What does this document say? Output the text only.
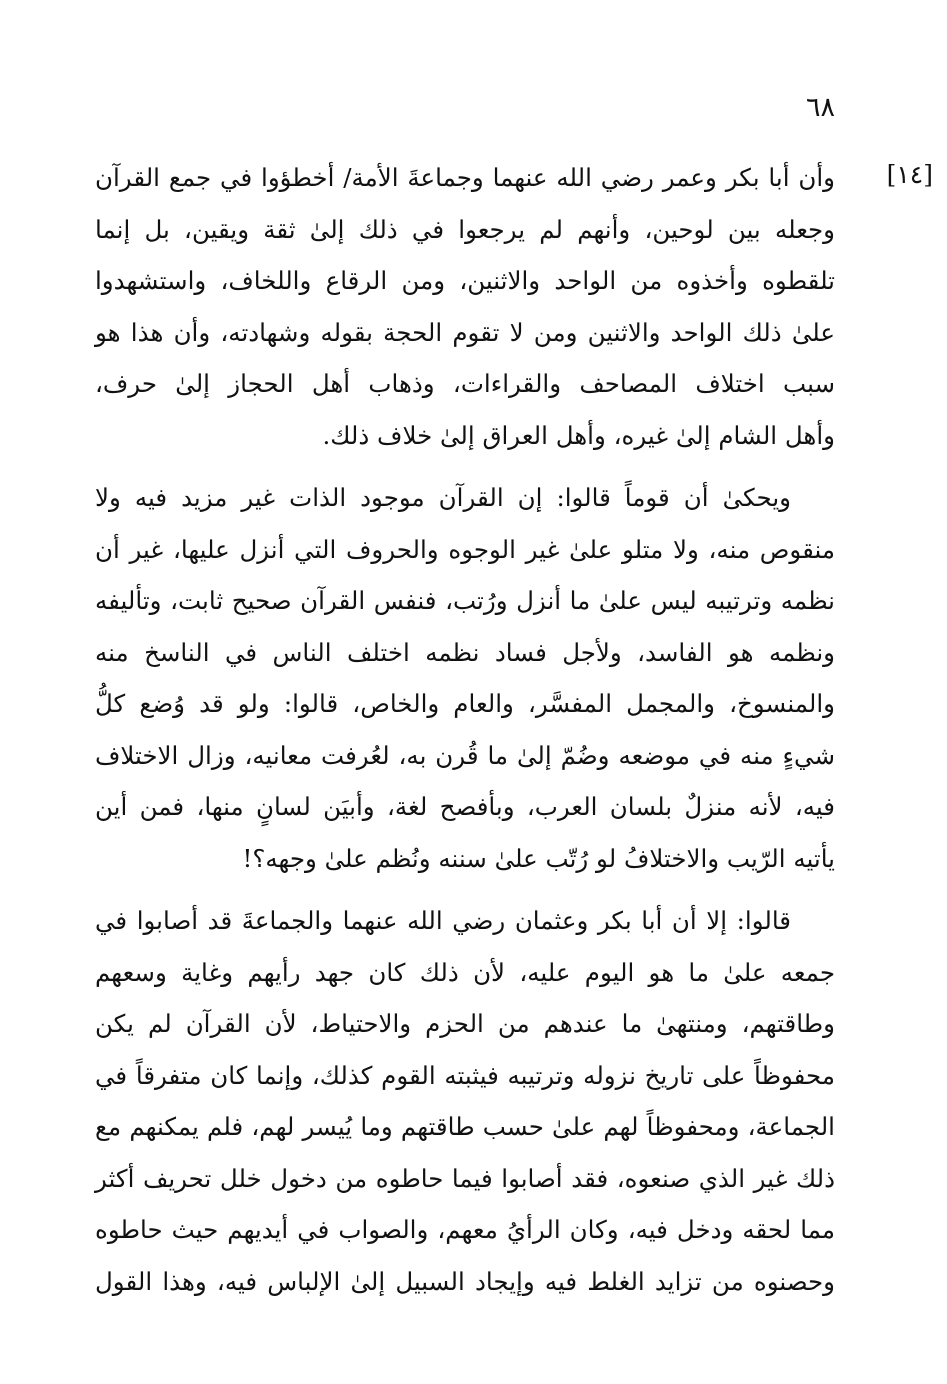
٦٨
[١٤]
وأن أبا بكر وعمر رضي الله عنهما وجماعةَ الأمة/ أخطؤوا في جمع القرآن
وجعله بين لوحين، وأنهم لم يرجعوا في ذلك إلىٰ ثقة ويقين، بل إنما
تلقطوه وأخذوه من الواحد والاثنين، ومن الرقاع واللخاف، واستشهدوا
علىٰ ذلك الواحد والاثنين ومن لا تقوم الحجة بقوله وشهادته، وأن هذا هو
سبب اختلاف المصاحف والقراءات، وذهاب أهل الحجاز إلىٰ حرف،
وأهل الشام إلىٰ غيره، وأهل العراق إلىٰ خلاف ذلك.
ويحكىٰ أن قوماً قالوا: إن القرآن موجود الذات غير مزيد فيه ولا
منقوص منه، ولا متلو علىٰ غير الوجوه والحروف التي أنزل عليها، غير أن
نظمه وترتيبه ليس علىٰ ما أنزل ورُتب، فنفس القرآن صحيح ثابت، وتأليفه
ونظمه هو الفاسد، ولأجل فساد نظمه اختلف الناس في الناسخ منه
والمنسوخ، والمجمل المفسَّر، والعام والخاص، قالوا: ولو قد وُضع كلُّ
شيءٍ منه في موضعه وضُمّ إلىٰ ما قُرن به، لعُرفت معانيه، وزال الاختلاف
فيه، لأنه منزلٌ بلسان العرب، وبأفصح لغة، وأبيَن لسانٍ منها، فمن أين
يأتيه الرّيب والاختلافُ لو رُتّب علىٰ سننه ونُظم علىٰ وجهه؟!
قالوا: إلا أن أبا بكر وعثمان رضي الله عنهما والجماعةَ قد أصابوا في
جمعه علىٰ ما هو اليوم عليه، لأن ذلك كان جهد رأيهم وغاية وسعهم
وطاقتهم، ومنتهىٰ ما عندهم من الحزم والاحتياط، لأن القرآن لم يكن
محفوظاً على تاريخ نزوله وترتيبه فيثبته القوم كذلك، وإنما كان متفرقاً في
الجماعة، ومحفوظاً لهم علىٰ حسب طاقتهم وما يُيسر لهم، فلم يمكنهم مع
ذلك غير الذي صنعوه، فقد أصابوا فيما حاطوه من دخول خلل تحريف أكثر
مما لحقه ودخل فيه، وكان الرأيُ معهم، والصواب في أيديهم حيث حاطوه
وحصنوه من تزايد الغلط فيه وإيجاد السبيل إلىٰ الإلباس فيه، وهذا القول
